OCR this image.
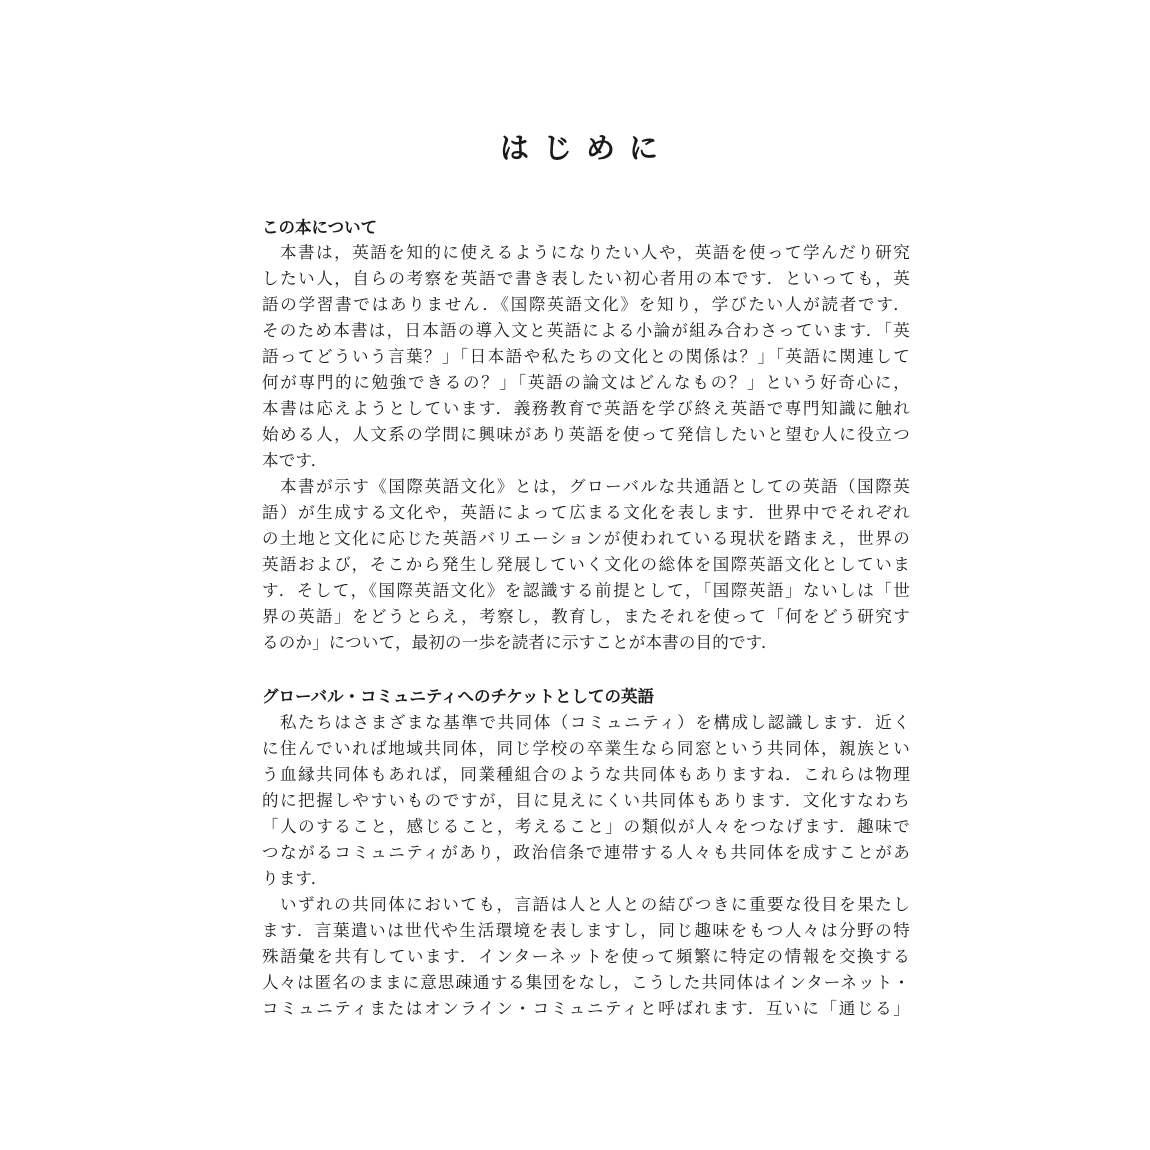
はじめに
この本について

本書は，英語を知的に使えるようになりたい人や，英語を使って学んだり研究

したい人，自らの考察を英語で書き表したい初心者用の本です．といっても，英

語の学習書ではありません．《国際英語文化》を知り，学びたい人が読者です．

そのため本書は，日本語の導入文と英語による小論が組み合わさっています．「英

語ってどういう言葉？」「日本語や私たちの文化との関係は？」「英語に関連して

何が専門的に勉強できるの？」「英語の論文はどんなもの？」という好奇心に，

本書は応えようとしています．義務教育で英語を学び終え英語で専門知識に触れ

始める人，人文系の学問に興味があり英語を使って発信したいと望む人に役立つ

本です．

本書が示す《国際英語文化》とは，グローバルな共通語としての英語（国際英

語）が生成する文化や，英語によって広まる文化を表します．世界中でそれぞれ

の土地と文化に応じた英語バリエーションが使われている現状を踏まえ，世界の

英語および，そこから発生し発展していく文化の総体を国際英語文化としていま

す．そして，《国際英語文化》を認識する前提として，「国際英語」ないしは「世

界の英語」をどうとらえ，考察し，教育し，またそれを使って「何をどう研究す

るのか」について，最初の一歩を読者に示すことが本書の目的です．

グローバル・コミュニティへのチケットとしての英語

私たちはさまざまな基準で共同体（コミュニティ）を構成し認識します．近く

に住んでいれば地域共同体，同じ学校の卒業生なら同窓という共同体，親族とい

う血縁共同体もあれば，同業種組合のような共同体もありますね．これらは物理

的に把握しやすいものですが，目に見えにくい共同体もあります．文化すなわち

「人のすること，感じること，考えること」の類似が人々をつなげます．趣味で

つながるコミュニティがあり，政治信条で連帯する人々も共同体を成すことがあ

ります．

いずれの共同体においても，言語は人と人との結びつきに重要な役目を果たし

ます．言葉遣いは世代や生活環境を表しますし，同じ趣味をもつ人々は分野の特

殊語彙を共有しています．インターネットを使って頻繁に特定の情報を交換する

人々は匿名のままに意思疎通する集団をなし，こうした共同体はインターネット・

コミュニティまたはオンライン・コミュニティと呼ばれます．互いに「通じる」
